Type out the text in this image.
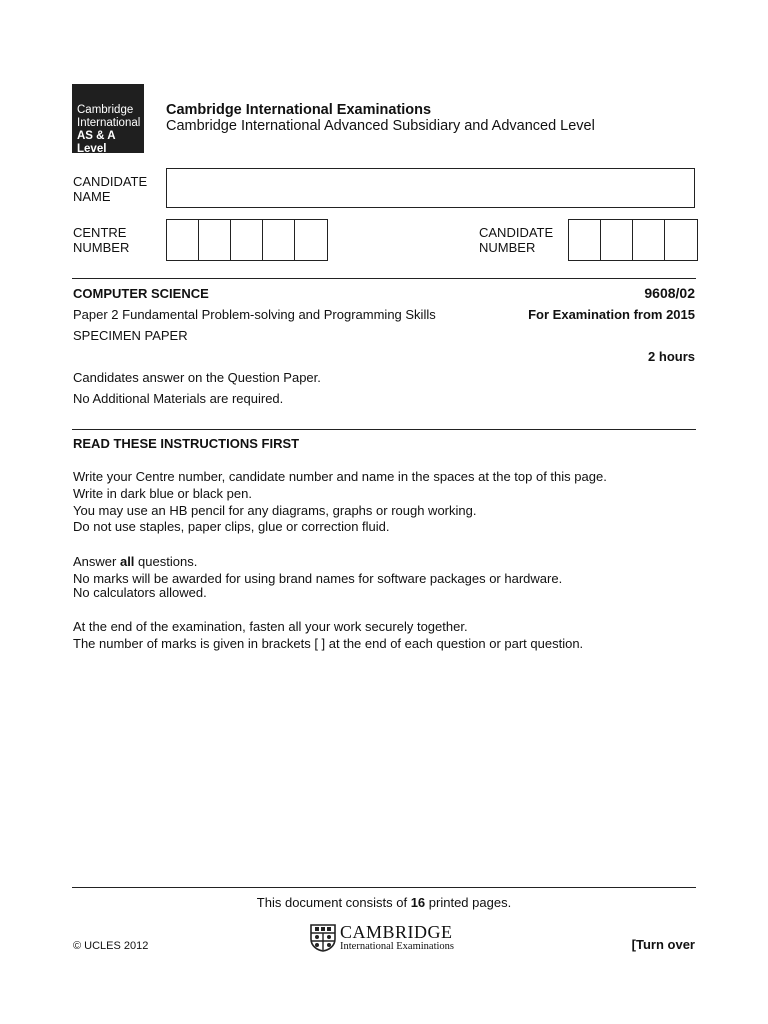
Cambridge
International
AS & A Level
Cambridge International Examinations
Cambridge International Advanced Subsidiary and Advanced Level
CANDIDATE
NAME
CENTRE
NUMBER
CANDIDATE
NUMBER
COMPUTER SCIENCE	9608/02
Paper 2 Fundamental Problem-solving and Programming Skills	For Examination from 2015
SPECIMEN PAPER
2 hours
Candidates answer on the Question Paper.
No Additional Materials are required.
READ THESE INSTRUCTIONS FIRST
Write your Centre number, candidate number and name in the spaces at the top of this page.
Write in dark blue or black pen.
You may use an HB pencil for any diagrams, graphs or rough working.
Do not use staples, paper clips, glue or correction fluid.
Answer all questions.
No marks will be awarded for using brand names for software packages or hardware.
No calculators allowed.
At the end of the examination, fasten all your work securely together.
The number of marks is given in brackets [ ] at the end of each question or part question.
This document consists of 16 printed pages.
© UCLES 2012
CAMBRIDGE
International Examinations	[Turn over
